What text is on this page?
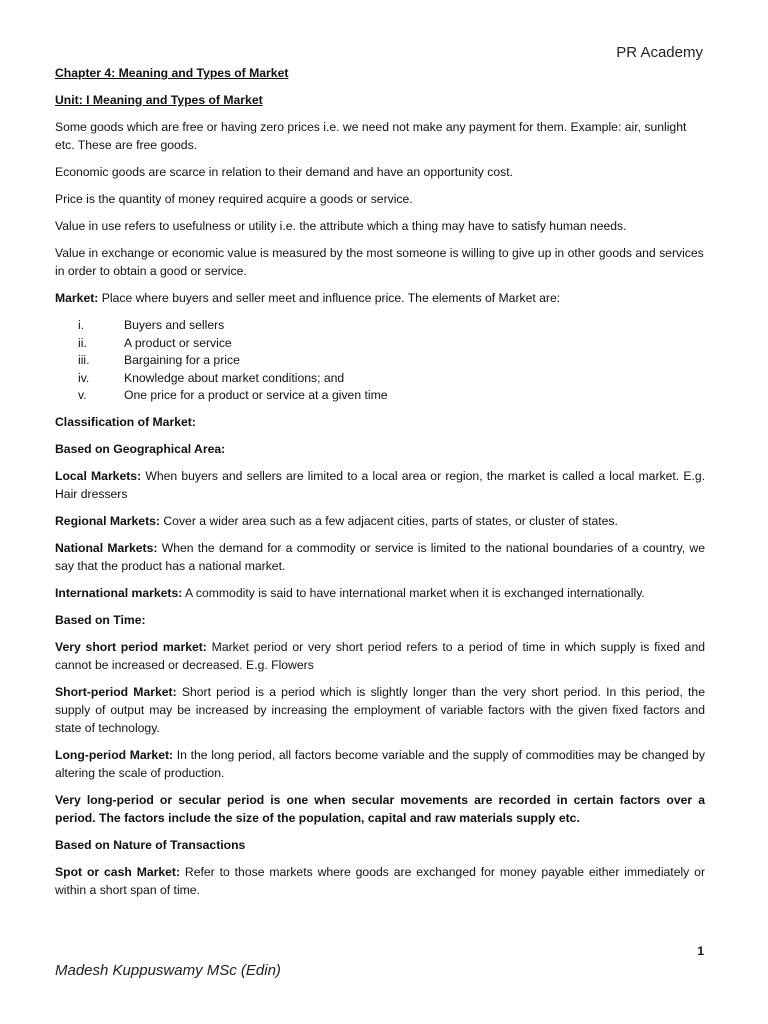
PR Academy

Chapter 4: Meaning and Types of Market

Unit: I Meaning and Types of Market

Some goods which are free or having zero prices i.e. we need not make any payment for them. Example: air, sunlight etc. These are free goods.

Economic goods are scarce in relation to their demand and have an opportunity cost.

Price is the quantity of money required acquire a goods or service.

Value in use refers to usefulness or utility i.e. the attribute which a thing may have to satisfy human needs.

Value in exchange or economic value is measured by the most someone is willing to give up in other goods and services in order to obtain a good or service.

Market: Place where buyers and seller meet and influence price. The elements of Market are:

i.	Buyers and sellers
ii.	A product or service
iii.	Bargaining for a price
iv.	Knowledge about market conditions; and
v.	One price for a product or service at a given time

Classification of Market:

Based on Geographical Area:

Local Markets: When buyers and sellers are limited to a local area or region, the market is called a local market. E.g. Hair dressers

Regional Markets: Cover a wider area such as a few adjacent cities, parts of states, or cluster of states.

National Markets: When the demand for a commodity or service is limited to the national boundaries of a country, we say that the product has a national market.

International markets: A commodity is said to have international market when it is exchanged internationally.

Based on Time:

Very short period market: Market period or very short period refers to a period of time in which supply is fixed and cannot be increased or decreased. E.g. Flowers

Short-period Market: Short period is a period which is slightly longer than the very short period. In this period, the supply of output may be increased by increasing the employment of variable factors with the given fixed factors and state of technology.

Long-period Market: In the long period, all factors become variable and the supply of commodities may be changed by altering the scale of production.

Very long-period or secular period is one when secular movements are recorded in certain factors over a period. The factors include the size of the population, capital and raw materials supply etc.

Based on Nature of Transactions

Spot or cash Market: Refer to those markets where goods are exchanged for money payable either immediately or within a short span of time.

1
Madesh Kuppuswamy MSc (Edin)
